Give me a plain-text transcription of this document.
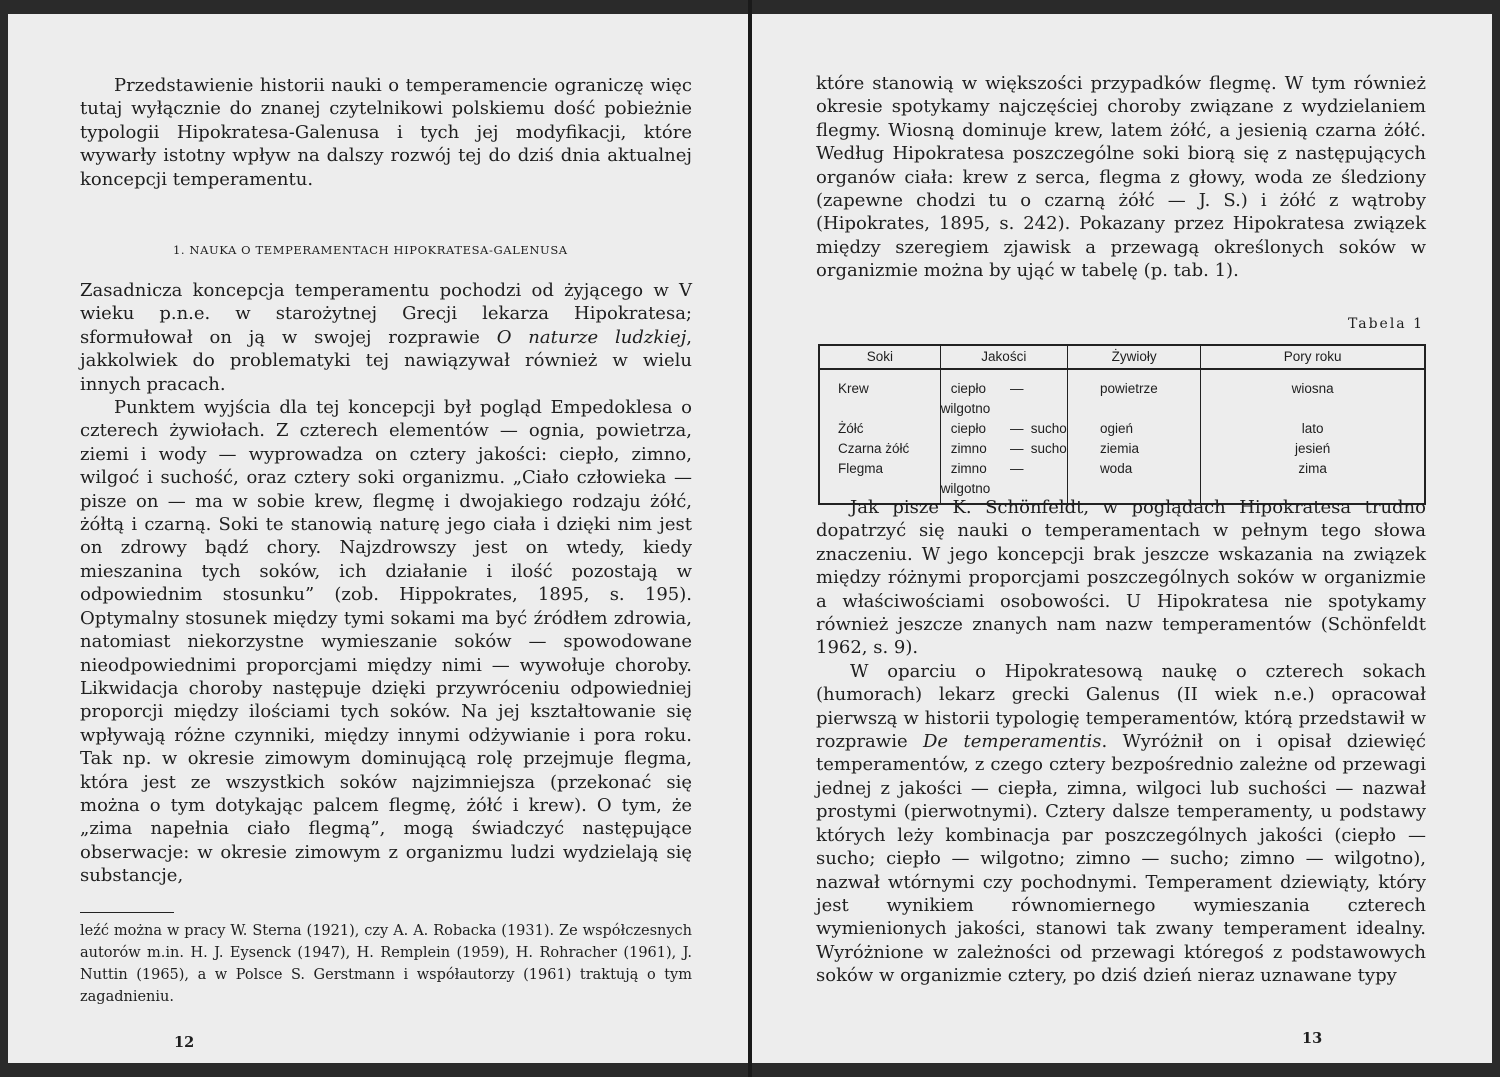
Przedstawienie historii nauki o temperamencie ograniczę więc tutaj wyłącznie do znanej czytelnikowi polskiemu dość pobieżnie typologii Hipokratesa-Galenusa i tych jej modyfikacji, które wywarły istotny wpływ na dalszy rozwój tej do dziś dnia aktualnej koncepcji temperamentu.

1. NAUKA O TEMPERAMENTACH HIPOKRATESA-GALENUSA

Zasadnicza koncepcja temperamentu pochodzi od żyjącego w V wieku p.n.e. w starożytnej Grecji lekarza Hipokratesa; sformułował on ją w swojej rozprawie O naturze ludzkiej, jakkolwiek do problematyki tej nawiązywał również w wielu innych pracach.

Punktem wyjścia dla tej koncepcji był pogląd Empedoklesa o czterech żywiołach. Z czterech elementów — ognia, powietrza, ziemi i wody — wyprowadza on cztery jakości: ciepło, zimno, wilgoć i suchość, oraz cztery soki organizmu. „Ciało człowieka — pisze on — ma w sobie krew, flegmę i dwojakiego rodzaju żółć, żółtą i czarną. Soki te stanowią naturę jego ciała i dzięki nim jest on zdrowy bądź chory. Najzdrowszy jest on wtedy, kiedy mieszanina tych soków, ich działanie i ilość pozostają w odpowiednim stosunku” (zob. Hippokrates, 1895, s. 195). Optymalny stosunek między tymi sokami ma być źródłem zdrowia, natomiast niekorzystne wymieszanie soków — spowodowane nieodpowiednimi proporcjami między nimi — wywołuje choroby. Likwidacja choroby następuje dzięki przywróceniu odpowiedniej proporcji między ilościami tych soków. Na jej kształtowanie się wpływają różne czynniki, między innymi odżywianie i pora roku. Tak np. w okresie zimowym dominującą rolę przejmuje flegma, która jest ze wszystkich soków najzimniejsza (przekonać się można o tym dotykając palcem flegmę, żółć i krew). O tym, że „zima napełnia ciało flegmą”, mogą świadczyć następujące obserwacje: w okresie zimowym z organizmu ludzi wydzielają się substancje,

leźć można w pracy W. Sterna (1921), czy A. A. Robacka (1931). Ze współczesnych autorów m.in. H. J. Eysenck (1947), H. Remplein (1959), H. Rohracher (1961), J. Nuttin (1965), a w Polsce S. Gerstmann i współautorzy (1961) traktują o tym zagadnieniu.

12

które stanowią w większości przypadków flegmę. W tym również okresie spotykamy najczęściej choroby związane z wydzielaniem flegmy. Wiosną dominuje krew, latem żółć, a jesienią czarna żółć. Według Hipokratesa poszczególne soki biorą się z następujących organów ciała: krew z serca, flegma z głowy, woda ze śledziony (zapewne chodzi tu o czarną żółć — J. S.) i żółć z wątroby (Hipokrates, 1895, s. 242). Pokazany przez Hipokratesa związek między szeregiem zjawisk a przewagą określonych soków w organizmie można by ująć w tabelę (p. tab. 1).

Tabela 1
Soki	Jakości	Żywioły	Pory roku
Krew	ciepło —wilgotno	powietrze	wiosna
Żółć	ciepło — sucho	ogień	lato
Czarna żółć	zimno — sucho	ziemia	jesień
Flegma	zimno —wilgotno	woda	zima

Jak pisze K. Schönfeldt, w poglądach Hipokratesa trudno dopatrzyć się nauki o temperamentach w pełnym tego słowa znaczeniu. W jego koncepcji brak jeszcze wskazania na związek między różnymi proporcjami poszczególnych soków w organizmie a właściwościami osobowości. U Hipokratesa nie spotykamy również jeszcze znanych nam nazw temperamentów (Schönfeldt 1962, s. 9).

W oparciu o Hipokratesową naukę o czterech sokach (humorach) lekarz grecki Galenus (II wiek n.e.) opracował pierwszą w historii typologię temperamentów, którą przedstawił w rozprawie De temperamentis. Wyróżnił on i opisał dziewięć temperamentów, z czego cztery bezpośrednio zależne od przewagi jednej z jakości — ciepła, zimna, wilgoci lub suchości — nazwał prostymi (pierwotnymi). Cztery dalsze temperamenty, u podstawy których leży kombinacja par poszczególnych jakości (ciepło — sucho; ciepło — wilgotno; zimno — sucho; zimno — wilgotno), nazwał wtórnymi czy pochodnymi. Temperament dziewiąty, który jest wynikiem równomiernego wymieszania czterech wymienionych jakości, stanowi tak zwany temperament idealny. Wyróżnione w zależności od przewagi któregoś z podstawowych soków w organizmie cztery, po dziś dzień nieraz uznawane typy

13
